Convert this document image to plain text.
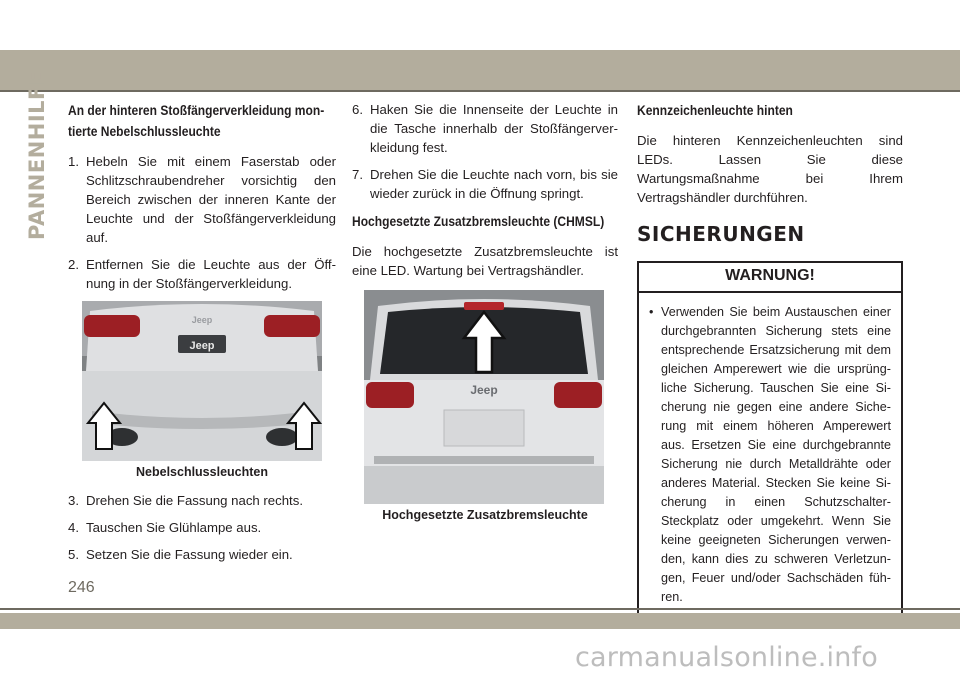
PANNENHILFE An der hinteren Stoßfängerverkleidung mon-tierte Nebelschlussleuchte
1. Hebeln Sie mit einem Faserstab oder Schlitzschraubendreher vorsichtig den Bereich zwischen der inneren Kante der Leuchte und der Stoßfängerverkleidung auf.
2. Entfernen Sie die Leuchte aus der Öff-nung in der Stoßfängerverkleidung.
Jeep
Jeep
Nebelschlussleuchten
3. Drehen Sie die Fassung nach rechts.
4. Tauschen Sie Glühlampe aus.
5. Setzen Sie die Fassung wieder ein.
6. Haken Sie die Innenseite der Leuchte in die Tasche innerhalb der Stoßfängerver-kleidung fest.
7. Drehen Sie die Leuchte nach vorn, bis sie wieder zurück in die Öffnung springt.
Hochgesetzte Zusatzbremsleuchte (CHMSL)

Die hochgesetzte Zusatzbremsleuchte ist eine LED. Wartung bei Vertragshändler.

Jeep
Hochgesetzte Zusatzbremsleuchte
Kennzeichenleuchte hinten

Die hinteren Kennzeichenleuchten sind LEDs. Lassen Sie diese Wartungsmaßnahme bei Ihrem Vertragshändler durchführen.

SICHERUNGEN
WARNUNG!
• Verwenden Sie beim Austauschen einer durchgebrannten Sicherung stets eine entsprechende Ersatzsicherung mit dem gleichen Amperewert wie die ursprüng-liche Sicherung. Tauschen Sie eine Si-cherung nie gegen eine andere Siche-rung mit einem höheren Amperewert aus. Ersetzen Sie eine durchgebrannte Sicherung nie durch Metalldrähte oder anderes Material. Stecken Sie keine Si-cherung in einen Schutzschalter-Steckplatz oder umgekehrt. Wenn Sie keine geeigneten Sicherungen verwen-den, kann dies zu schweren Verletzun-gen, Feuer und/oder Sachschäden füh-ren.
246
carmanualsonline.info
